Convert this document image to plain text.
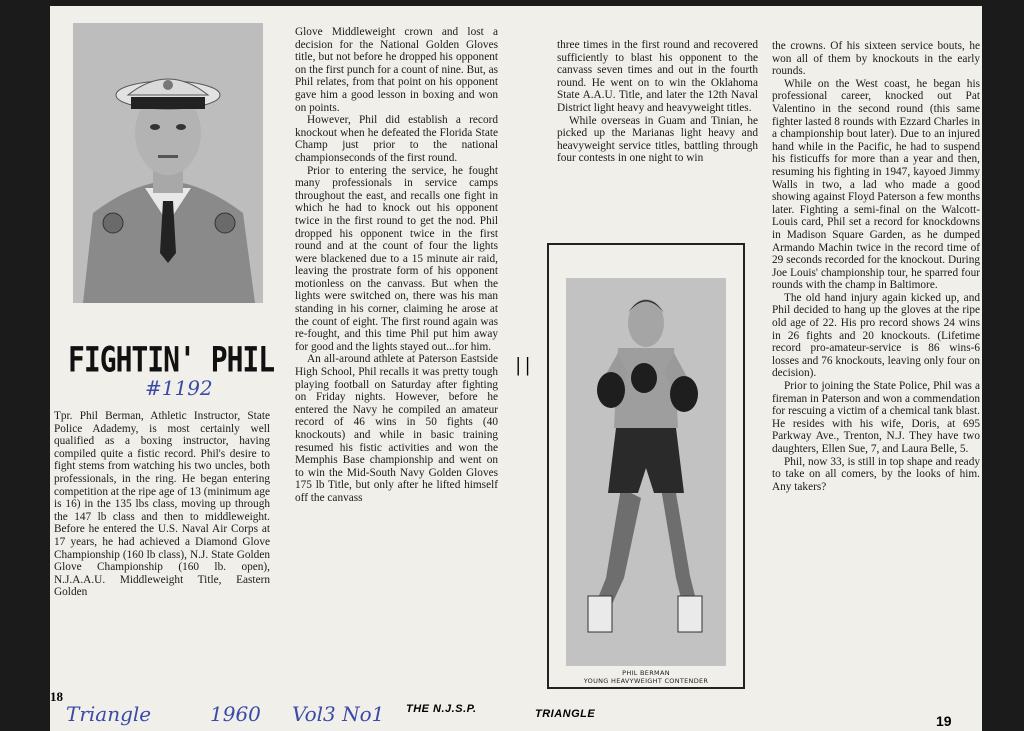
FIGHTIN' PHIL
#1192

Tpr. Phil Berman, Athletic Instructor, State Police Adademy, is most certainly well qualified as a boxing instructor, having compiled quite a fistic record. Phil's desire to fight stems from watching his two uncles, both professionals, in the ring. He began entering competition at the ripe age of 13 (minimum age is 16) in the 135 lbs class, moving up through the 147 lb class and then to middleweight. Before he entered the U.S. Naval Air Corps at 17 years, he had achieved a Diamond Glove Championship (160 lb class), N.J. State Golden Glove Championship (160 lb. open), N.J.A.A.U. Middleweight Title, Eastern Golden

Glove Middleweight crown and lost a decision for the National Golden Gloves title, but not before he dropped his opponent on the first punch for a count of nine. But, as Phil relates, from that point on his opponent gave him a good lesson in boxing and won on points.

However, Phil did establish a record knockout when he defeated the Florida State Champ just prior to the national championseconds of the first round.

Prior to entering the service, he fought many professionals in service camps throughout the east, and recalls one fight in which he had to knock out his opponent twice in the first round to get the nod. Phil dropped his opponent twice in the first round and at the count of four the lights were blackened due to a 15 minute air raid, leaving the prostrate form of his opponent motionless on the canvass. But when the lights were switched on, there was his man standing in his corner, claiming he arose at the count of eight. The first round again was re-fought, and this time Phil put him away for good and the lights stayed out...for him.

An all-around athlete at Paterson Eastside High School, Phil recalls it was pretty tough playing football on Saturday after fighting on Friday nights. However, before he entered the Navy he compiled an amateur record of 46 wins in 50 fights (40 knockouts) and while in basic training resumed his fistic activities and won the Memphis Base championship and went on to win the Mid-South Navy Golden Gloves 175 lb Title, but only after he lifted himself off the canvass

| |

three times in the first round and recovered sufficiently to blast his opponent to the canvass seven times and out in the fourth round. He went on to win the Oklahoma State A.A.U. Title, and later the 12th Naval District light heavy and heavyweight titles.

While overseas in Guam and Tinian, he picked up the Marianas light heavy and heavyweight service titles, battling through four contests in one night to win

PHIL BERMAN
YOUNG HEAVYWEIGHT CONTENDER

the crowns. Of his sixteen service bouts, he won all of them by knockouts in the early rounds.

While on the West coast, he began his professional career, knocked out Pat Valentino in the second round (this same fighter lasted 8 rounds with Ezzard Charles in a championship bout later). Due to an injured hand while in the Pacific, he had to suspend his fisticuffs for more than a year and then, resuming his fighting in 1947, kayoed Jimmy Walls in two, a lad who made a good showing against Floyd Paterson a few months later. Fighting a semi-final on the Walcott-Louis card, Phil set a record for knockdowns in Madison Square Garden, as he dumped Armando Machin twice in the record time of 29 seconds recorded for the knockout. During Joe Louis' championship tour, he sparred four rounds with the champ in Baltimore.

The old hand injury again kicked up, and Phil decided to hang up the gloves at the ripe old age of 22. His pro record shows 24 wins in 26 fights and 20 knockouts. (Lifetime record pro-amateur-service is 86 wins-6 losses and 76 knockouts, leaving only four on decision).

Prior to joining the State Police, Phil was a fireman in Paterson and won a commendation for rescuing a victim of a chemical tank blast. He resides with his wife, Doris, at 695 Parkway Ave., Trenton, N.J. They have two daughters, Ellen Sue, 7, and Laura Belle, 5.

Phil, now 33, is still in top shape and ready to take on all comers, by the looks of him. Any takers?

18
THE N.J.S.P.	TRIANGLE	19
Triangle	1960 Vol3 No1
